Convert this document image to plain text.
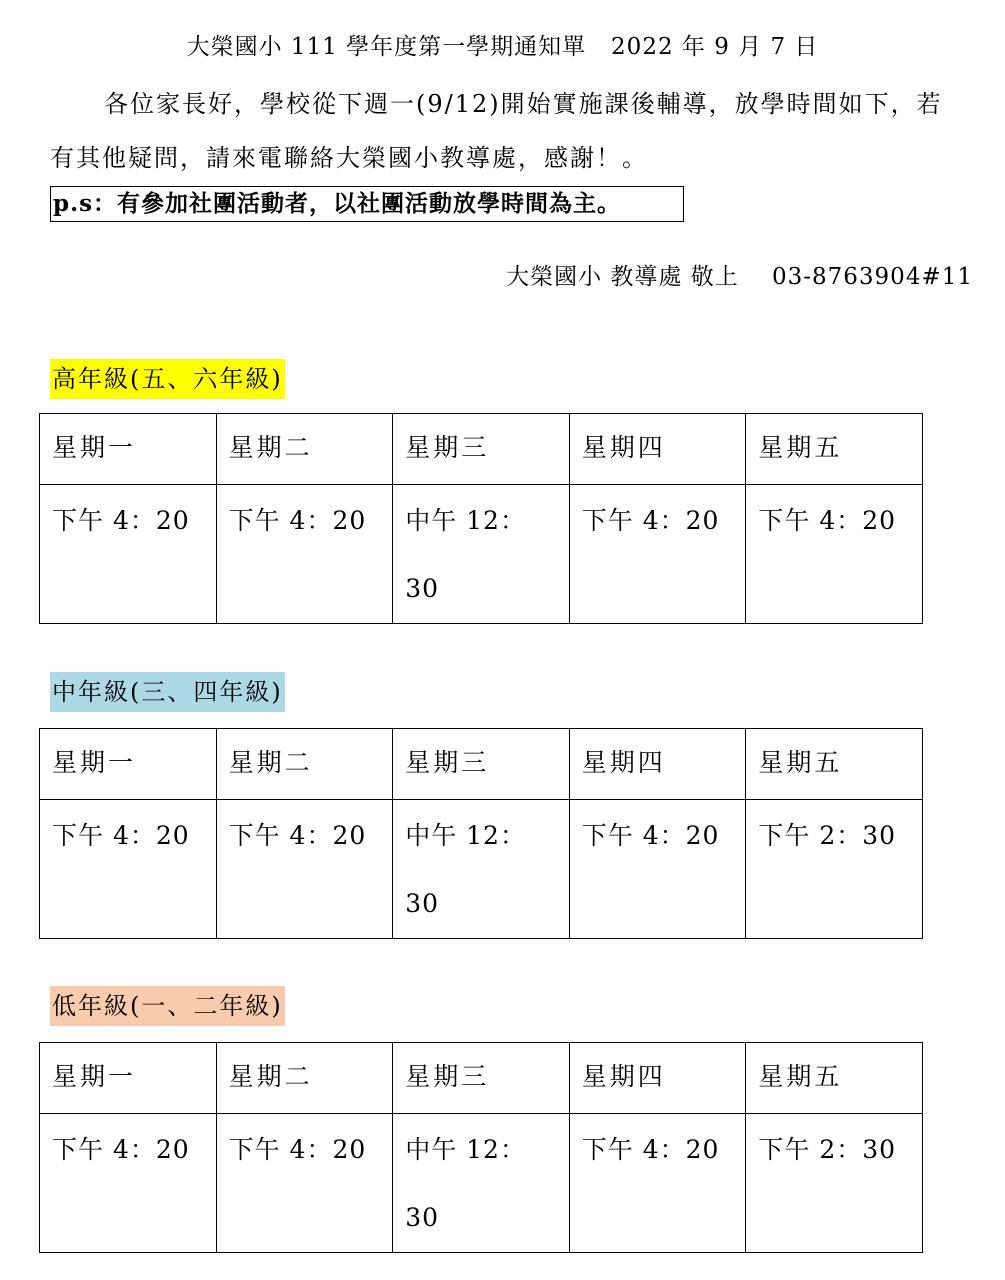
大榮國小 111 學年度第一學期通知單   2022 年 9 月 7 日
各位家長好，學校從下週一(9/12)開始實施課後輔導，放學時間如下，若
有其他疑問，請來電聯絡大榮國小教導處，感謝！。
p.s：有參加社團活動者，以社團活動放學時間為主。
大榮國小 教導處 敬上    03-8763904#11
高年級(五、六年級)
星期一	星期二	星期三	星期四	星期五

下午 4：20	下午 4：20	中午 12：30	下午 4：20	下午 4：20
中年級(三、四年級)
星期一	星期二	星期三	星期四	星期五

下午 4：20	下午 4：20	中午 12：30	下午 4：20	下午 2：30
低年級(一、二年級)
星期一	星期二	星期三	星期四	星期五

下午 4：20	下午 4：20	中午 12：30	下午 4：20	下午 2：30
